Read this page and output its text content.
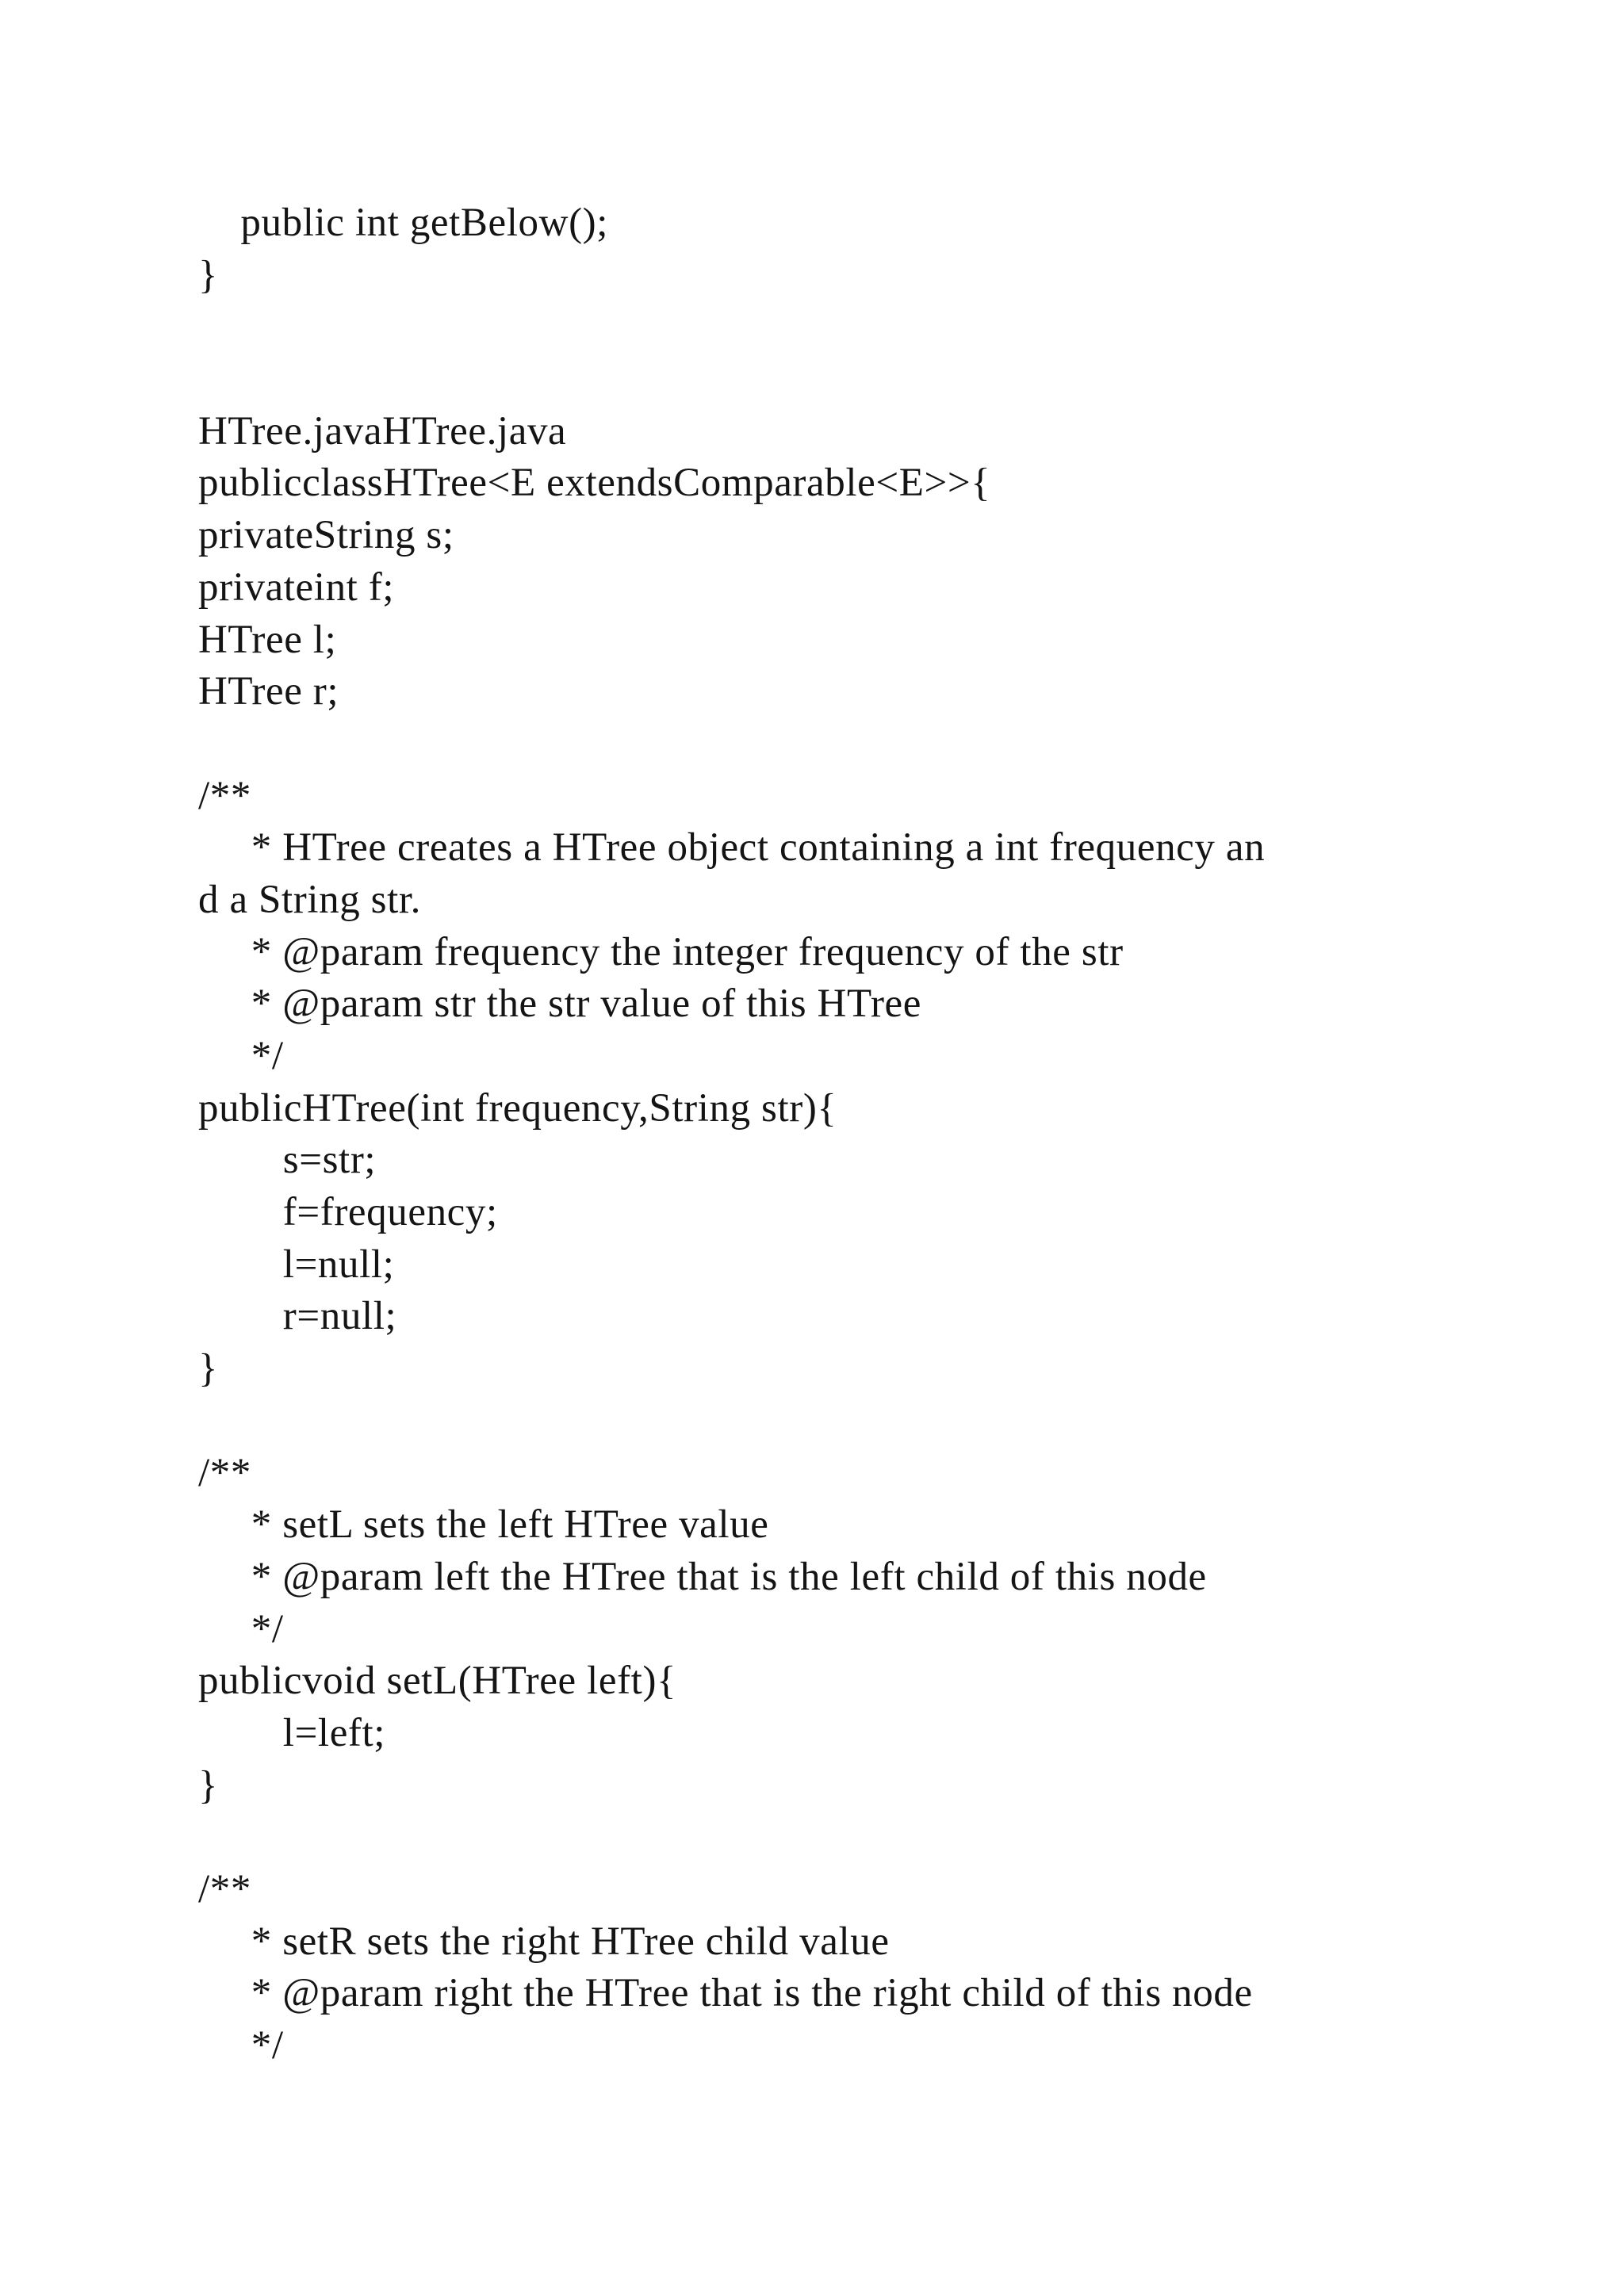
public int getBelow();
}
HTree.javaHTree.java
publicclassHTree<E extendsComparable<E>>{
privateString s;
privateint f;
HTree l;
HTree r;
/**
* HTree creates a HTree object containing a int frequency an
d a String str.
* @param frequency the integer frequency of the str
* @param str the str value of this HTree
*/
publicHTree(int frequency,String str){
s=str;
f=frequency;
l=null;
r=null;
}
/**
* setL sets the left HTree value
* @param left the HTree that is the left child of this node
*/
publicvoid setL(HTree left){
l=left;
}
/**
* setR sets the right HTree child value
* @param right the HTree that is the right child of this node
*/
